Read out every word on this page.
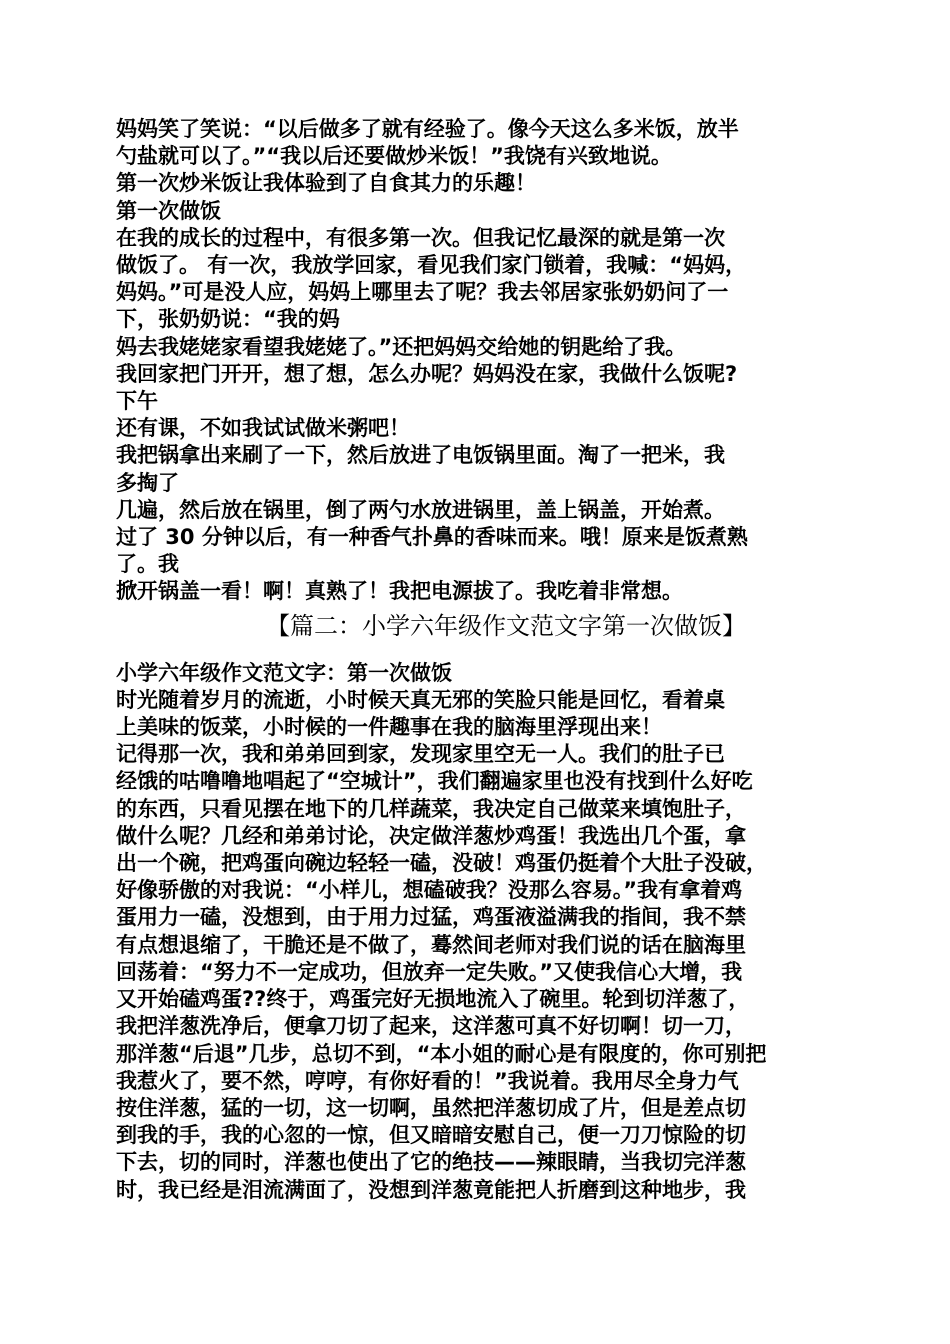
妈妈笑了笑说：“以后做多了就有经验了。像今天这么多米饭，放半
勺盐就可以了。”“我以后还要做炒米饭！”我饶有兴致地说。
第一次炒米饭让我体验到了自食其力的乐趣！
第一次做饭
在我的成长的过程中，有很多第一次。但我记忆最深的就是第一次
做饭了。 有一次，我放学回家，看见我们家门锁着，我喊：“妈妈，
妈妈。”可是没人应，妈妈上哪里去了呢？我去邻居家张奶奶问了一
下，张奶奶说：“我的妈
妈去我姥姥家看望我姥姥了。”还把妈妈交给她的钥匙给了我。
我回家把门开开，想了想，怎么办呢？妈妈没在家，我做什么饭呢?
下午
还有课，不如我试试做米粥吧！
我把锅拿出来刷了一下，然后放进了电饭锅里面。淘了一把米，我
多掏了
几遍，然后放在锅里，倒了两勺水放进锅里，盖上锅盖，开始煮。
过了 30 分钟以后，有一种香气扑鼻的香味而来。哦！原来是饭煮熟
了。我
掀开锅盖一看！啊！真熟了！我把电源拔了。我吃着非常想。
【篇二：小学六年级作文范文字第一次做饭】
小学六年级作文范文字：第一次做饭
时光随着岁月的流逝，小时候天真无邪的笑脸只能是回忆，看着桌
上美味的饭菜，小时候的一件趣事在我的脑海里浮现出来！
记得那一次，我和弟弟回到家，发现家里空无一人。我们的肚子已
经饿的咕噜噜地唱起了“空城计”，我们翻遍家里也没有找到什么好吃
的东西，只看见摆在地下的几样蔬菜，我决定自己做菜来填饱肚子，
做什么呢？几经和弟弟讨论，决定做洋葱炒鸡蛋！我选出几个蛋，拿
出一个碗，把鸡蛋向碗边轻轻一磕，没破！鸡蛋仍挺着个大肚子没破，
好像骄傲的对我说：“小样儿，想磕破我？没那么容易。”我有拿着鸡
蛋用力一磕，没想到，由于用力过猛，鸡蛋液溢满我的指间，我不禁
有点想退缩了，干脆还是不做了，蓦然间老师对我们说的话在脑海里
回荡着：“努力不一定成功，但放弃一定失败。”又使我信心大增，我
又开始磕鸡蛋??终于，鸡蛋完好无损地流入了碗里。轮到切洋葱了，
我把洋葱洗净后，便拿刀切了起来，这洋葱可真不好切啊！切一刀，
那洋葱“后退”几步，总切不到，“本小姐的耐心是有限度的，你可别把
我惹火了，要不然，哼哼，有你好看的！”我说着。我用尽全身力气
按住洋葱，猛的一切，这一切啊，虽然把洋葱切成了片，但是差点切
到我的手，我的心忽的一惊，但又暗暗安慰自己，便一刀刀惊险的切
下去，切的同时，洋葱也使出了它的绝技——辣眼睛，当我切完洋葱
时，我已经是泪流满面了，没想到洋葱竟能把人折磨到这种地步，我
